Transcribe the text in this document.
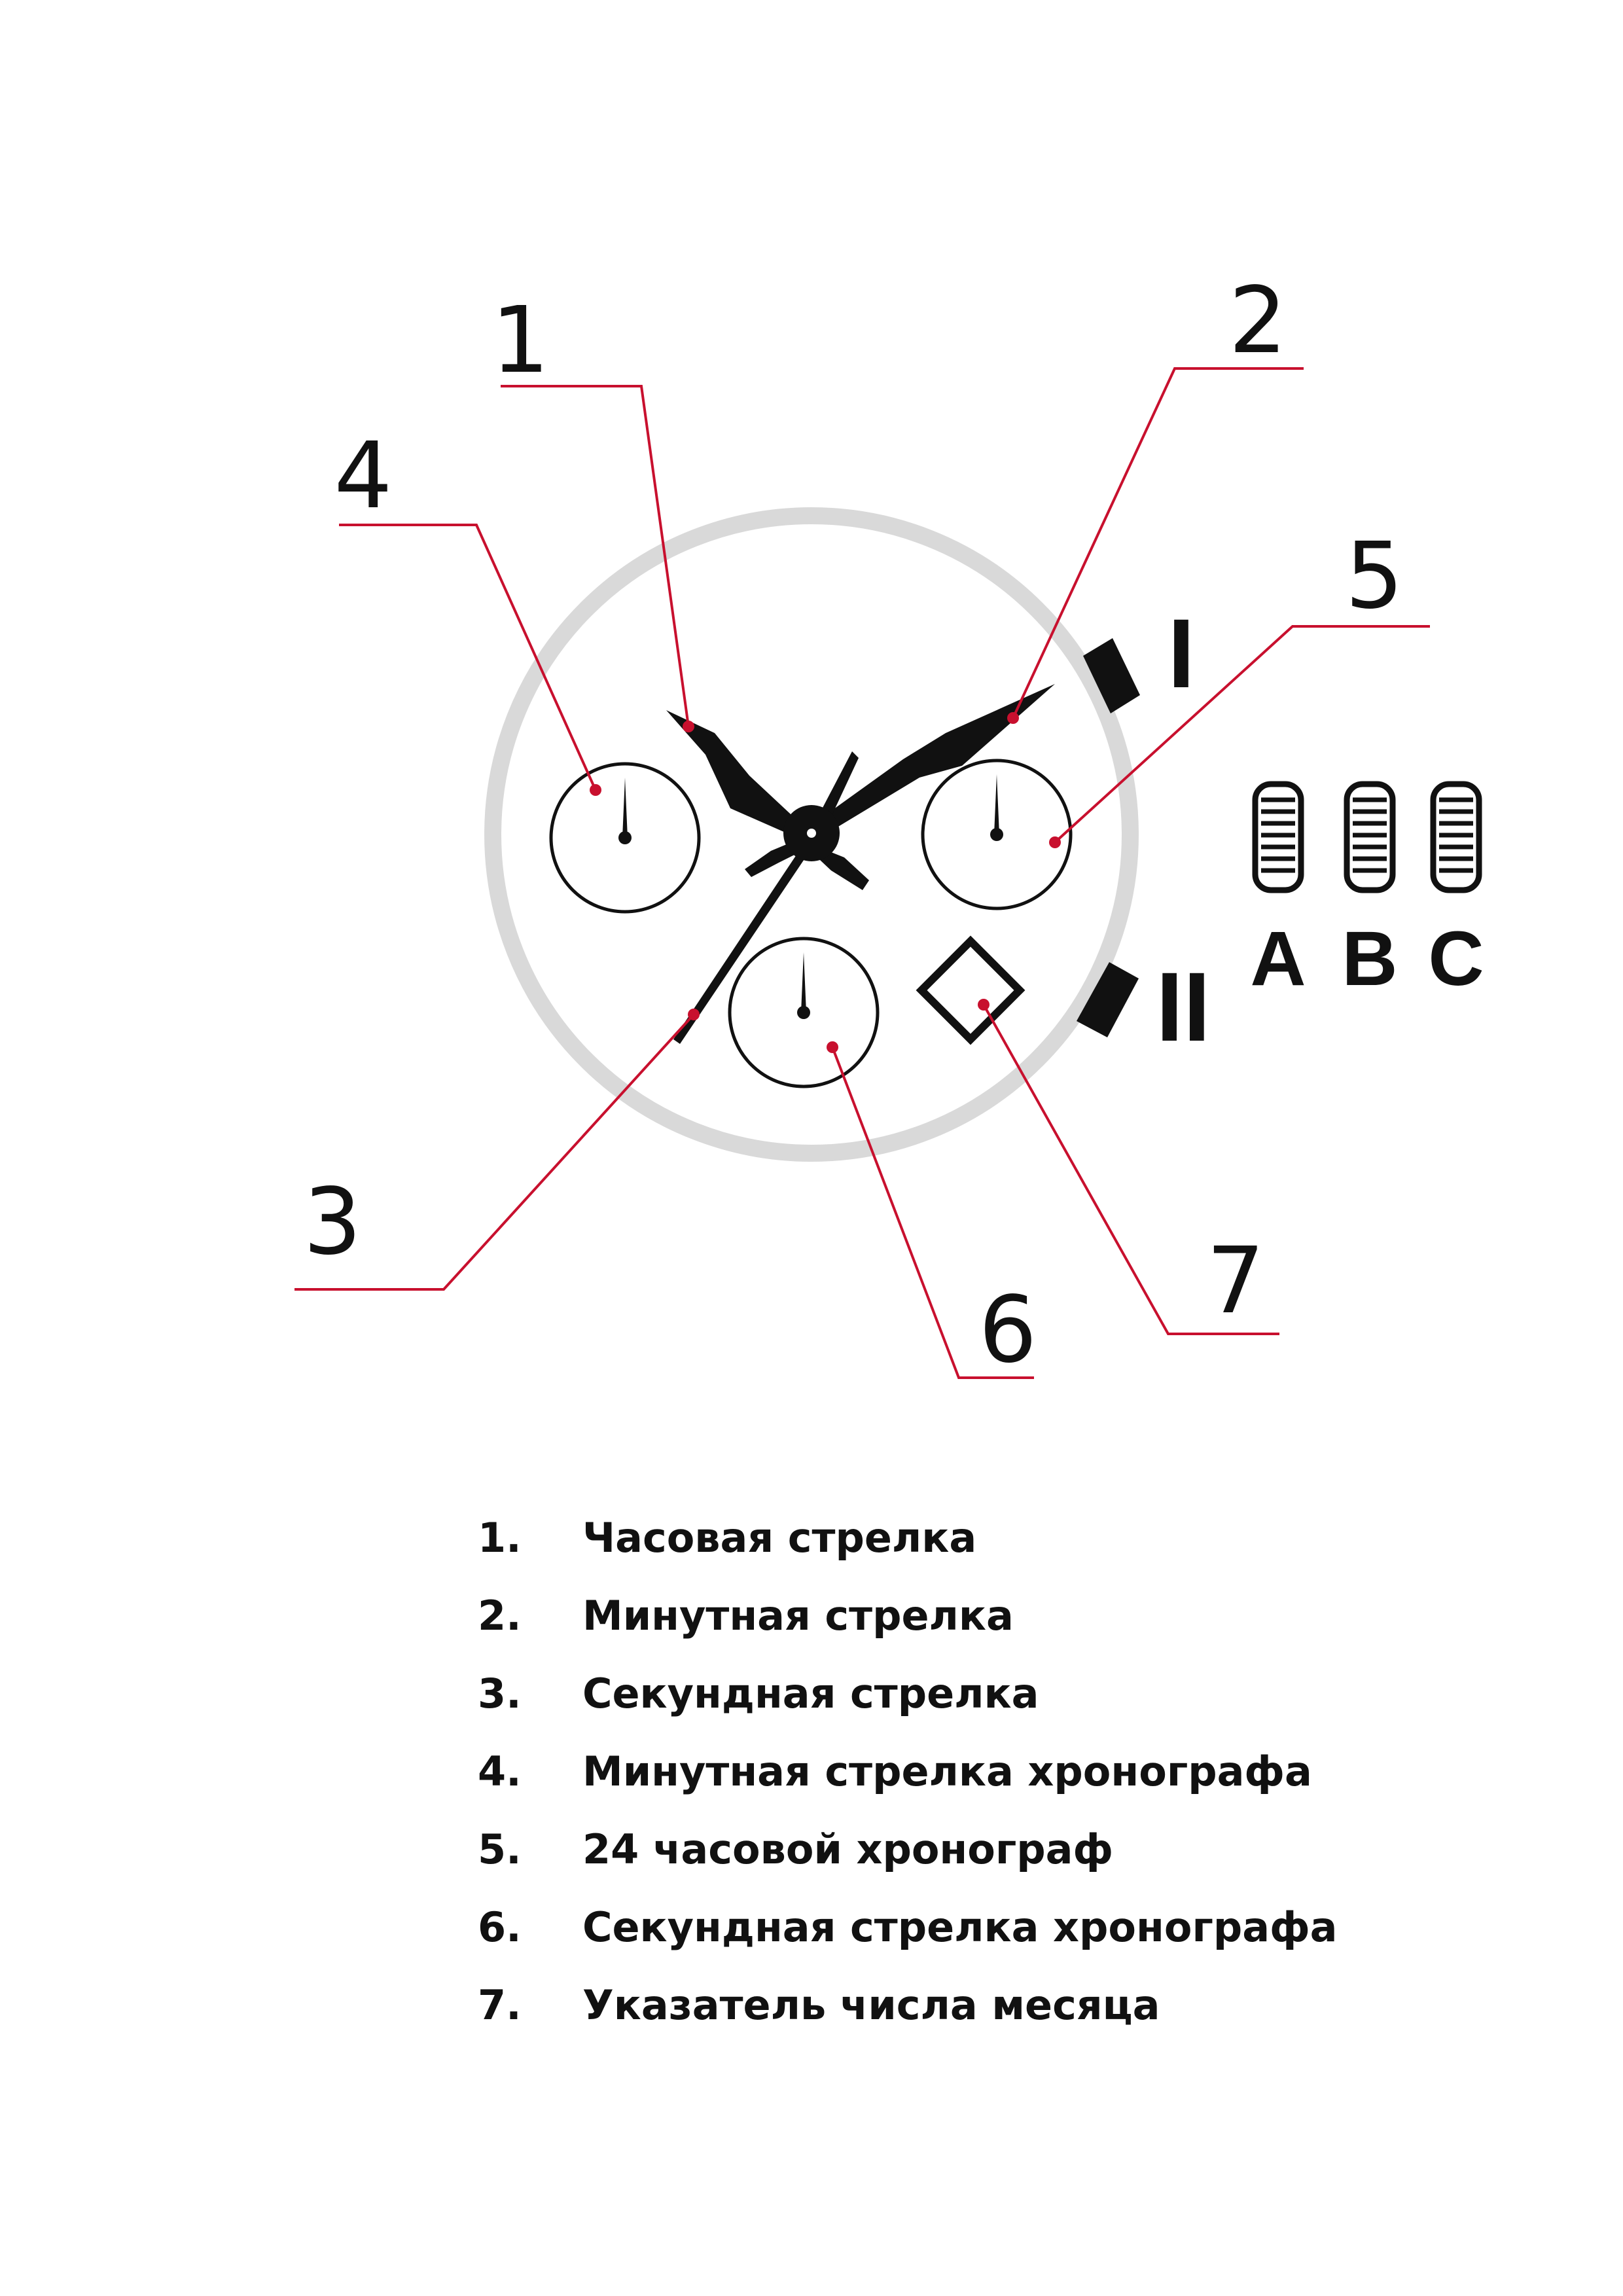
I
II A B C
1	2
3
4
5
6 7
1.	Часовая стрелка
2.	Минутная стрелка
3.	Секундная стрелка
4.	Минутная стрелка хронографа
5.	24 часовой хронограф
6.	Секундная стрелка хронографа
7.	Указатель числа месяца
